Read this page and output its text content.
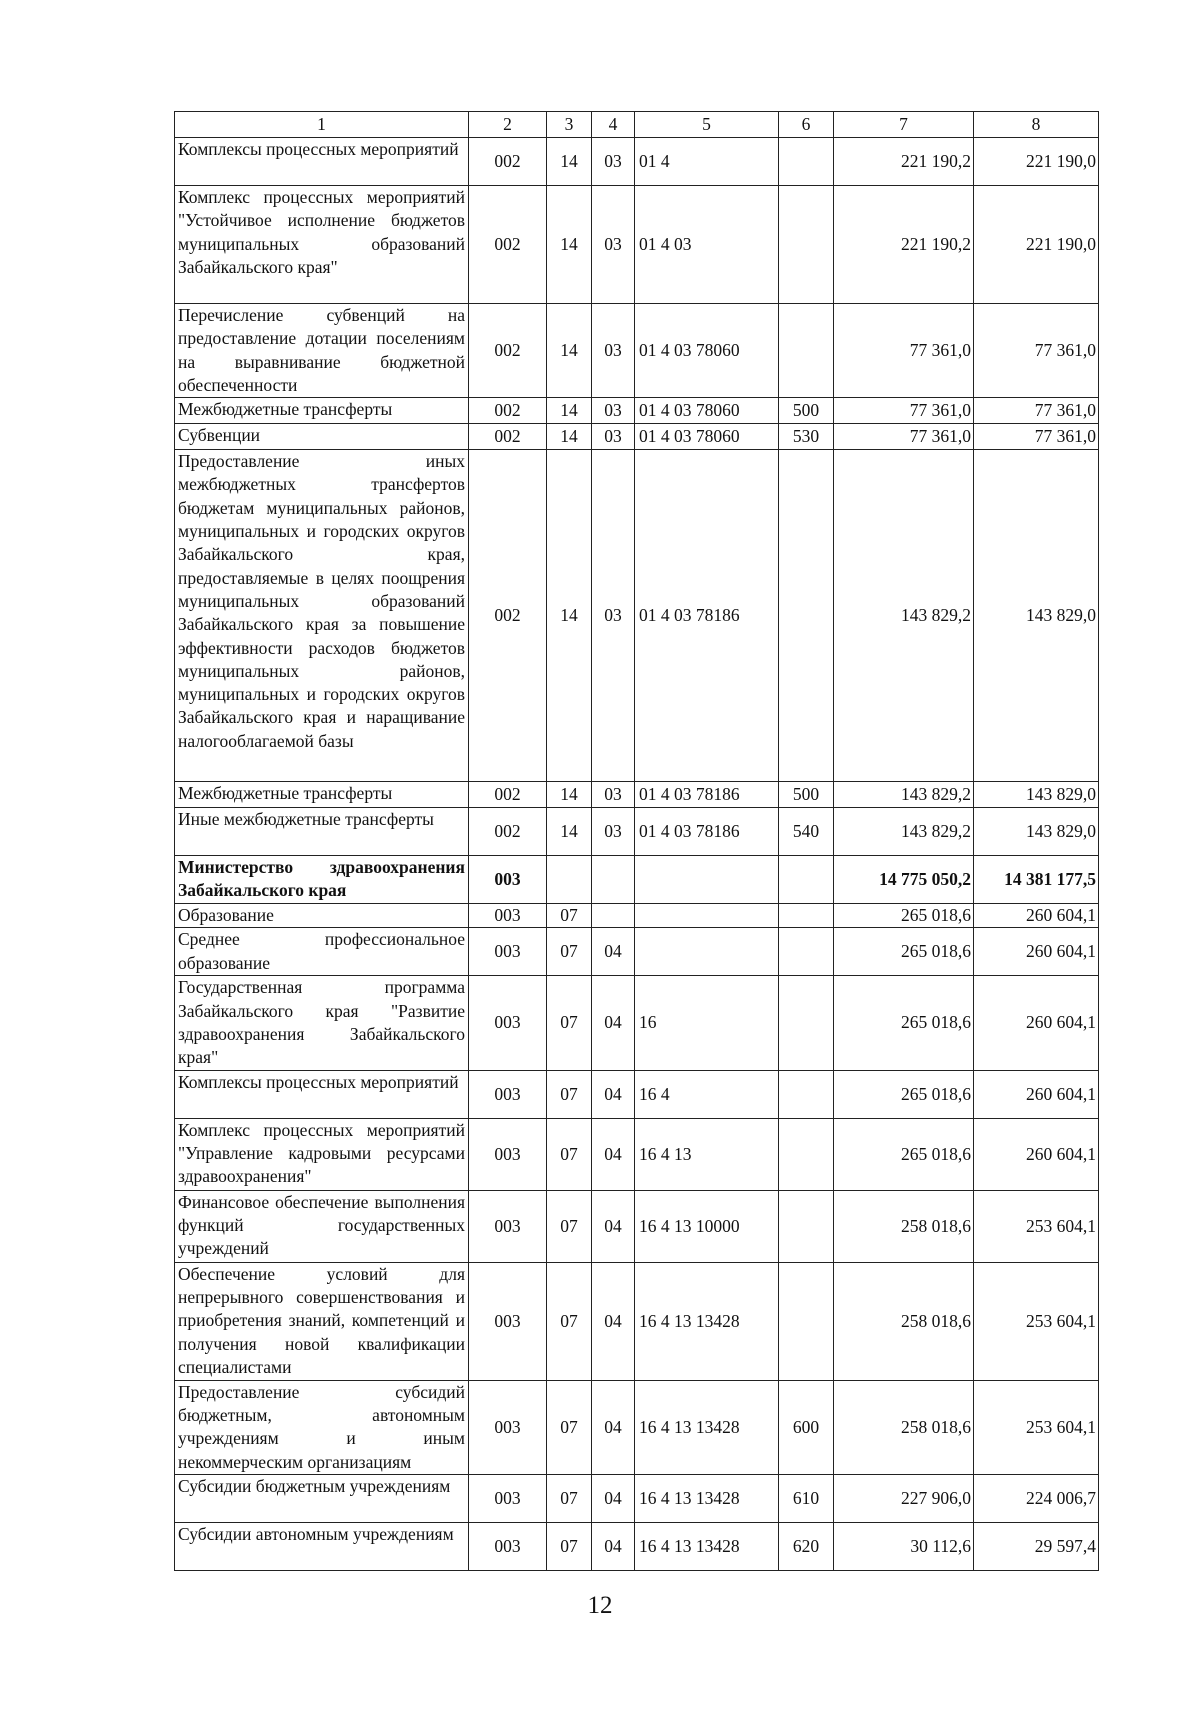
1	2	3	4	5	6	7	8
Комплексы процессных мероприятий	002	14	03	01 4		221 190,2	221 190,0
Комплекс процессных мероприятий "Устойчивое исполнение бюджетов муниципальных образований Забайкальского края"	002	14	03	01 4 03		221 190,2	221 190,0
Перечисление субвенций на предоставление дотации поселениям на выравнивание бюджетной обеспеченности	002	14	03	01 4 03 78060		77 361,0	77 361,0
Межбюджетные трансферты	002	14	03	01 4 03 78060	500	77 361,0	77 361,0
Субвенции	002	14	03	01 4 03 78060	530	77 361,0	77 361,0
Предоставление иных межбюджетных трансфертов бюджетам муниципальных районов, муниципальных и городских округов Забайкальского края, предоставляемые в целях поощрения муниципальных образований Забайкальского края за повышение эффективности расходов бюджетов муниципальных районов, муниципальных и городских округов Забайкальского края и наращивание налогооблагаемой базы	002	14	03	01 4 03 78186		143 829,2	143 829,0
Межбюджетные трансферты	002	14	03	01 4 03 78186	500	143 829,2	143 829,0
Иные межбюджетные трансферты	002	14	03	01 4 03 78186	540	143 829,2	143 829,0
Министерство здравоохранения Забайкальского края	003					14 775 050,2	14 381 177,5
Образование	003	07				265 018,6	260 604,1
Среднее профессиональное образование	003	07	04			265 018,6	260 604,1
Государственная программа Забайкальского края "Развитие здравоохранения Забайкальского края"	003	07	04	16		265 018,6	260 604,1
Комплексы процессных мероприятий	003	07	04	16 4		265 018,6	260 604,1
Комплекс процессных мероприятий "Управление кадровыми ресурсами здравоохранения"	003	07	04	16 4 13		265 018,6	260 604,1
Финансовое обеспечение выполнения функций государственных учреждений	003	07	04	16 4 13 10000		258 018,6	253 604,1
Обеспечение условий для непрерывного совершенствования и приобретения знаний, компетенций и получения новой квалификации специалистами	003	07	04	16 4 13 13428		258 018,6	253 604,1
Предоставление субсидий бюджетным, автономным учреждениям и иным некоммерческим организациям	003	07	04	16 4 13 13428	600	258 018,6	253 604,1
Субсидии бюджетным учреждениям	003	07	04	16 4 13 13428	610	227 906,0	224 006,7
Субсидии автономным учреждениям	003	07	04	16 4 13 13428	620	30 112,6	29 597,4
12
